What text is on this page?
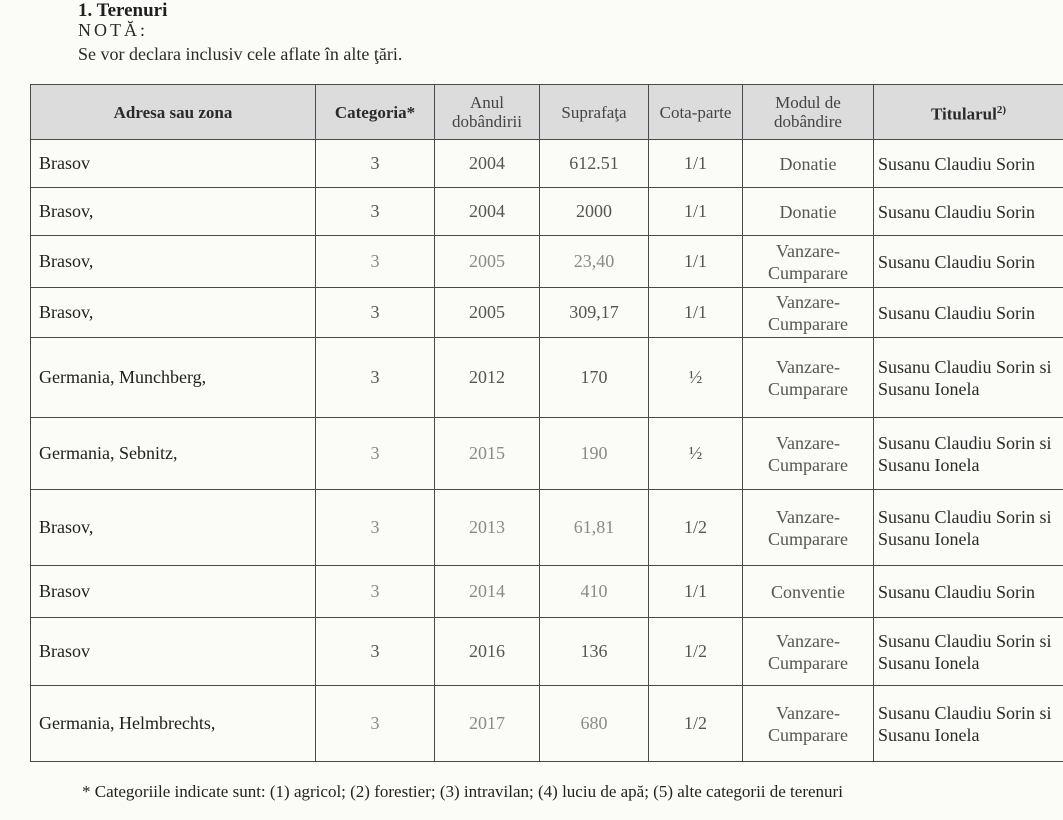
1. Terenuri
NOTĂ:
Se vor declara inclusiv cele aflate în alte ţări.
Adresa sau zona	Categoria*	Anul dobândirii	Suprafaţa	Cota-parte	Modul de dobândire	Titularul$^{2)}$
Brasov	3	2004	612.51	1/1	Donatie	Susanu Claudiu Sorin
Brasov,	3	2004	2000	1/1	Donatie	Susanu Claudiu Sorin
Brasov,	3	2005	23,40	1/1	Vanzare-Cumparare	Susanu Claudiu Sorin
Brasov,	3	2005	309,17	1/1	Vanzare-Cumparare	Susanu Claudiu Sorin
Germania, Munchberg,	3	2012	170	½	Vanzare-Cumparare	Susanu Claudiu Sorin si Susanu Ionela
Germania, Sebnitz,	3	2015	190	½	Vanzare-Cumparare	Susanu Claudiu Sorin si Susanu Ionela
Brasov,	3	2013	61,81	1/2	Vanzare-Cumparare	Susanu Claudiu Sorin si Susanu Ionela
Brasov	3	2014	410	1/1	Conventie	Susanu Claudiu Sorin
Brasov	3	2016	136	1/2	Vanzare-Cumparare	Susanu Claudiu Sorin si Susanu Ionela
Germania, Helmbrechts,	3	2017	680	1/2	Vanzare-Cumparare	Susanu Claudiu Sorin si Susanu Ionela
* Categoriile indicate sunt: (1) agricol; (2) forestier; (3) intravilan; (4) luciu de apă; (5) alte categorii de terenuri
